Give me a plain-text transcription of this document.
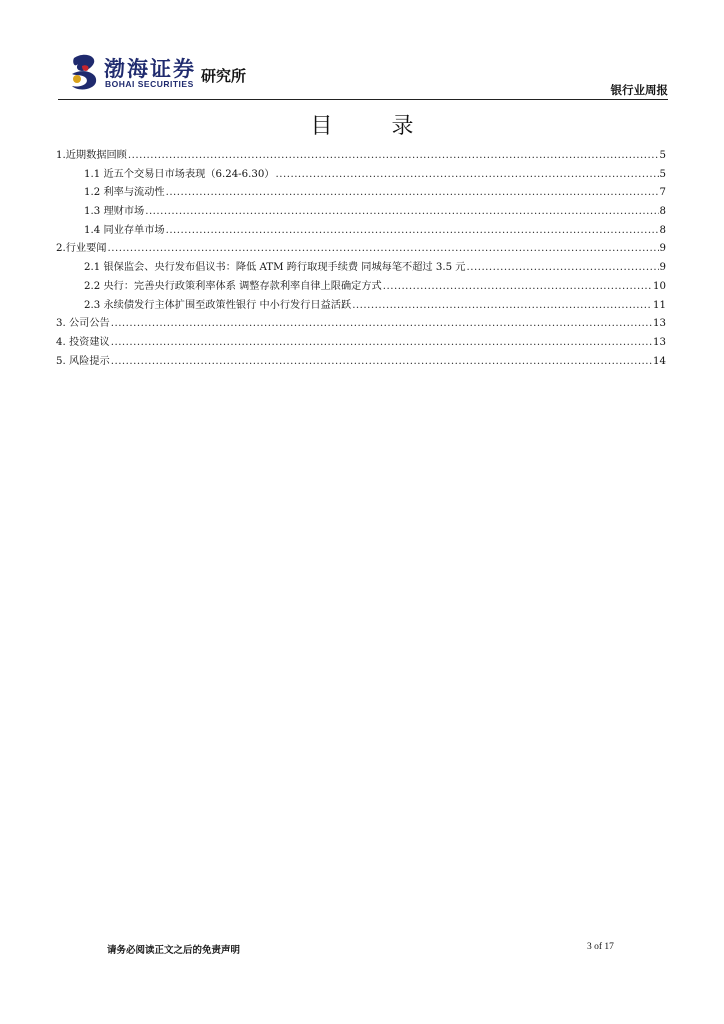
渤海证券
BOHAI SECURITIES 研究所
银行业周报
目 录
1.近期数据回顾 .....	5
1.1 近五个交易日市场表现（6.24-6.30） .....	5
1.2 利率与流动性 .....	7
1.3 理财市场 .....	8
1.4 同业存单市场 .....	8
2.行业要闻 .....	9
2.1 银保监会、央行发布倡议书：降低 ATM 跨行取现手续费 同城每笔不超过 3.5 元 .....	9
2.2 央行：完善央行政策利率体系 调整存款利率自律上限确定方式 .....	10
2.3 永续债发行主体扩围至政策性银行 中小行发行日益活跃 .....	11
3. 公司公告 .....	13
4. 投资建议 .....	13
5. 风险提示 .....	14
请务必阅读正文之后的免责声明	3 of 17
